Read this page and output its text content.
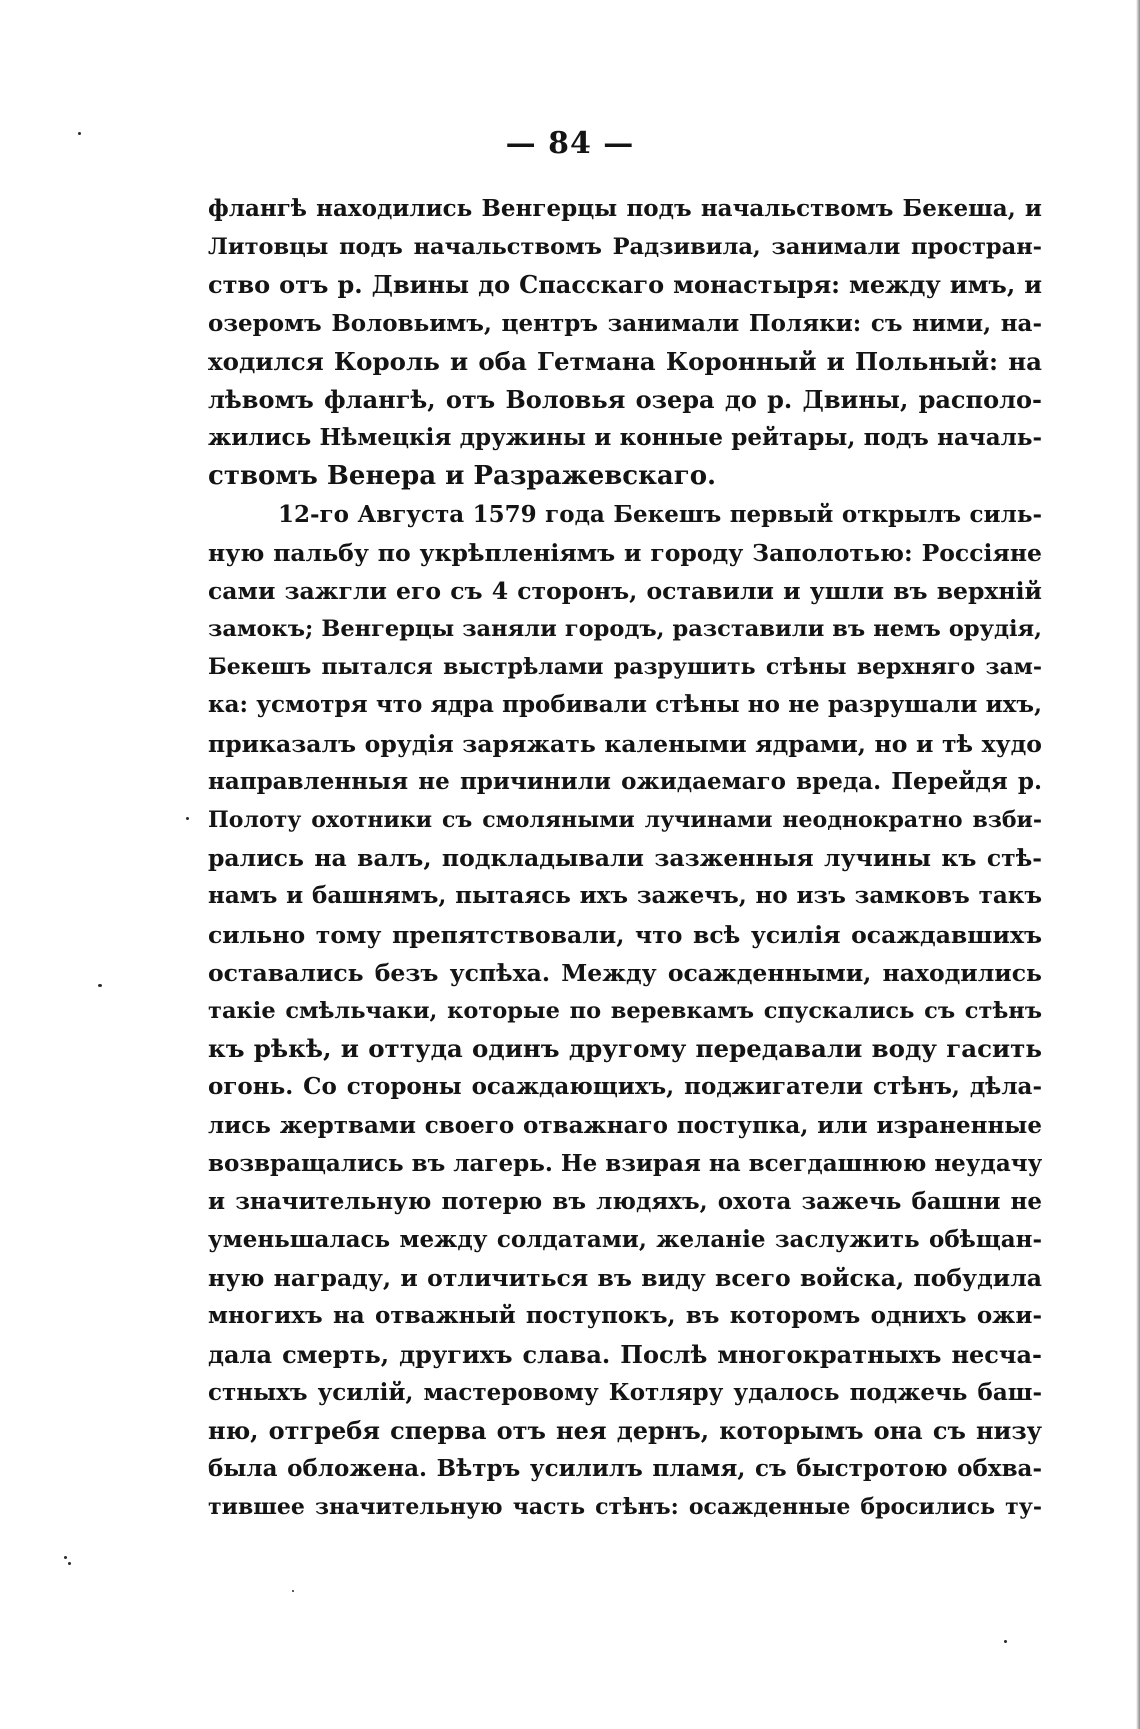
— 84 —
флангѣ находились Венгерцы подъ начальствомъ Бекеша, и
Литовцы подъ начальствомъ Радзивила, занимали простран-
ство отъ р. Двины до Спасскаго монастыря: между имъ, и
озеромъ Воловьимъ, центръ занимали Поляки: съ ними, на-
ходился Король и оба Гетмана Коронный и Польный: на
лѣвомъ флангѣ, отъ Воловья озера до р. Двины, располо-
жились Нѣмецкія дружины и конные рейтары, подъ началь-
ствомъ Венера и Разражевскаго.
12-го Августа 1579 года Бекешъ первый открылъ силь-
ную пальбу по укрѣпленіямъ и городу Заполотью: Россіяне
сами зажгли его съ 4 сторонъ, оставили и ушли въ верхній
замокъ; Венгерцы заняли городъ, разставили въ немъ орудія,
Бекешъ пытался выстрѣлами разрушить стѣны верхняго зам-
ка: усмотря что ядра пробивали стѣны но не разрушали ихъ,
приказалъ орудія заряжать калеными ядрами, но и тѣ худо
направленныя не причинили ожидаемаго вреда. Перейдя р.
Полоту охотники съ смоляными лучинами неоднократно взби-
рались на валъ, подкладывали зазженныя лучины къ стѣ-
намъ и башнямъ, пытаясь ихъ зажечъ, но изъ замковъ такъ
сильно тому препятствовали, что всѣ усилія осаждавшихъ
оставались безъ успѣха. Между осажденными, находились
такіе смѣльчаки, которые по веревкамъ спускались съ стѣнъ
къ рѣкѣ, и оттуда одинъ другому передавали воду гасить
огонь. Со стороны осаждающихъ, поджигатели стѣнъ, дѣла-
лись жертвами своего отважнаго поступка, или израненные
возвращались въ лагерь. Не взирая на всегдашнюю неудачу
и значительную потерю въ людяхъ, охота зажечь башни не
уменьшалась между солдатами, желаніе заслужить обѣщан-
ную награду, и отличиться въ виду всего войска, побудила
многихъ на отважный поступокъ, въ которомъ однихъ ожи-
дала смерть, другихъ слава. Послѣ многократныхъ несча-
стныхъ усилій, мастеровому Котляру удалось поджечь баш-
ню, отгребя сперва отъ нея дернъ, которымъ она съ низу
была обложена. Вѣтръ усилилъ пламя, съ быстротою обхва-
тившее значительную часть стѣнъ: осажденные бросились ту-
